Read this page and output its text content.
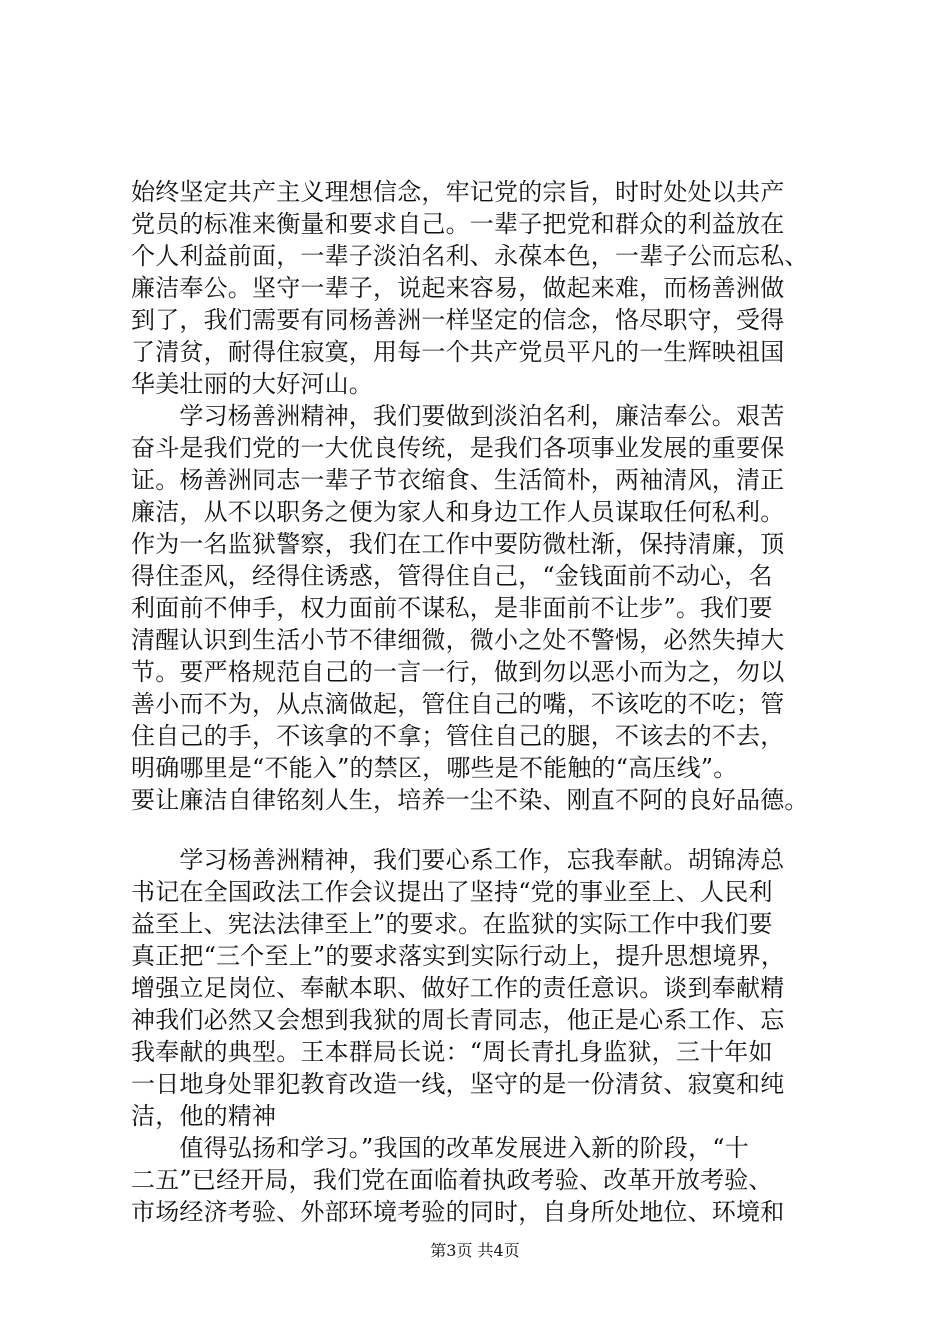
始终坚定共产主义理想信念，牢记党的宗旨，时时处处以共产
党员的标准来衡量和要求自己。一辈子把党和群众的利益放在
个人利益前面，一辈子淡泊名利、永葆本色，一辈子公而忘私、
廉洁奉公。坚守一辈子，说起来容易，做起来难，而杨善洲做
到了，我们需要有同杨善洲一样坚定的信念，恪尽职守，受得
了清贫，耐得住寂寞，用每一个共产党员平凡的一生辉映祖国
华美壮丽的大好河山。
　　学习杨善洲精神，我们要做到淡泊名利，廉洁奉公。艰苦
奋斗是我们党的一大优良传统，是我们各项事业发展的重要保
证。杨善洲同志一辈子节衣缩食、生活简朴，两袖清风，清正
廉洁，从不以职务之便为家人和身边工作人员谋取任何私利。
作为一名监狱警察，我们在工作中要防微杜渐，保持清廉，顶
得住歪风，经得住诱惑，管得住自己，“金钱面前不动心，名
利面前不伸手，权力面前不谋私，是非面前不让步”。我们要
清醒认识到生活小节不律细微，微小之处不警惕，必然失掉大
节。要严格规范自己的一言一行，做到勿以恶小而为之，勿以
善小而不为，从点滴做起，管住自己的嘴，不该吃的不吃；管
住自己的手，不该拿的不拿；管住自己的腿，不该去的不去，
明确哪里是“不能入”的禁区，哪些是不能触的“高压线”。
要让廉洁自律铭刻人生，培养一尘不染、刚直不阿的良好品德。
　　学习杨善洲精神，我们要心系工作，忘我奉献。胡锦涛总
书记在全国政法工作会议提出了坚持“党的事业至上、人民利
益至上、宪法法律至上”的要求。在监狱的实际工作中我们要
真正把“三个至上”的要求落实到实际行动上，提升思想境界，
增强立足岗位、奉献本职、做好工作的责任意识。谈到奉献精
神我们必然又会想到我狱的周长青同志，他正是心系工作、忘
我奉献的典型。王本群局长说：“周长青扎身监狱，三十年如
一日地身处罪犯教育改造一线，坚守的是一份清贫、寂寞和纯
洁，他的精神
　　值得弘扬和学习。”我国的改革发展进入新的阶段，“十
二五”已经开局，我们党在面临着执政考验、改革开放考验、
市场经济考验、外部环境考验的同时，自身所处地位、环境和
第3页 共4页
